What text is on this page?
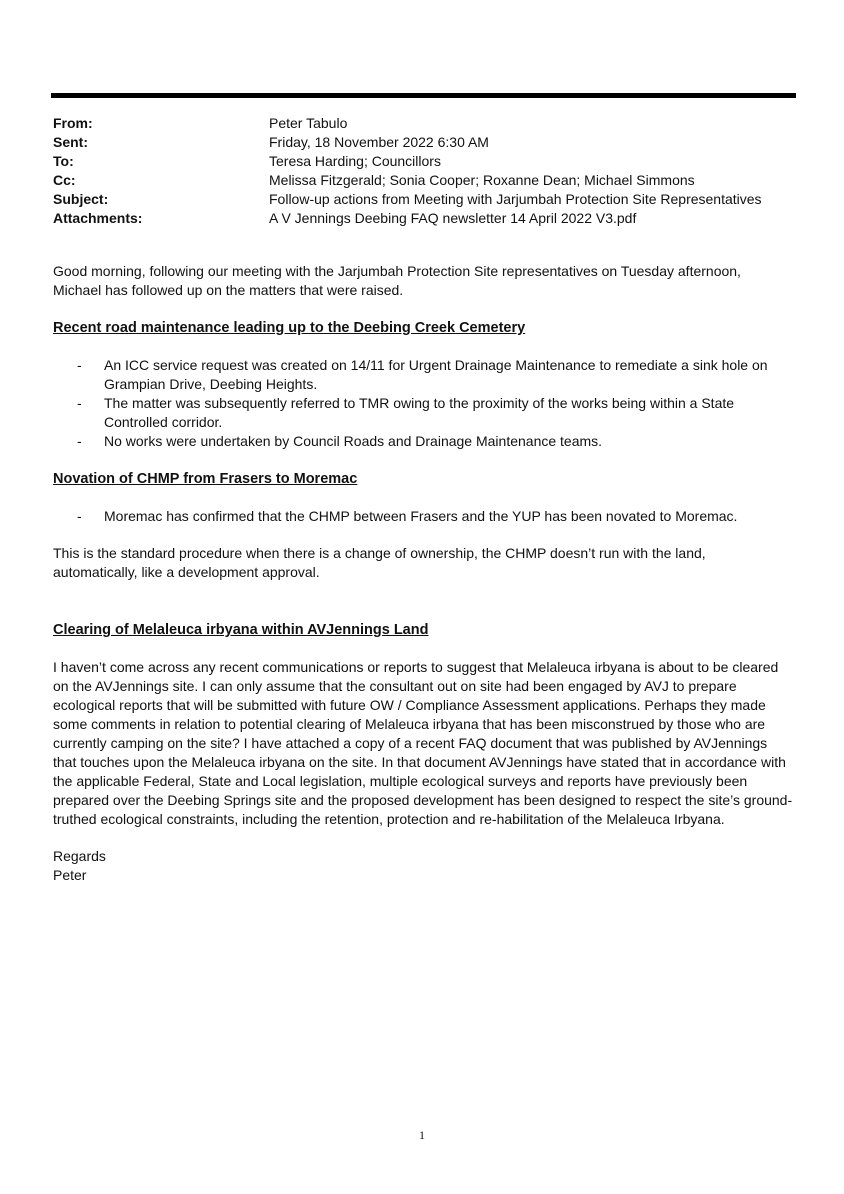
From:	Peter Tabulo
Sent:	Friday, 18 November 2022 6:30 AM
To:	Teresa Harding; Councillors
Cc:	Melissa Fitzgerald; Sonia Cooper; Roxanne Dean; Michael Simmons
Subject:	Follow-up actions from Meeting with Jarjumbah Protection Site Representatives
Attachments:	A V Jennings Deebing FAQ newsletter 14 April 2022 V3.pdf

Good morning, following our meeting with the Jarjumbah Protection Site representatives on Tuesday afternoon, Michael has followed up on the matters that were raised.

Recent road maintenance leading up to the Deebing Creek Cemetery
- An ICC service request was created on 14/11 for Urgent Drainage Maintenance to remediate a sink hole on Grampian Drive, Deebing Heights.
- The matter was subsequently referred to TMR owing to the proximity of the works being within a State Controlled corridor.
- No works were undertaken by Council Roads and Drainage Maintenance teams.
Novation of CHMP from Frasers to Moremac
- Moremac has confirmed that the CHMP between Frasers and the YUP has been novated to Moremac.

This is the standard procedure when there is a change of ownership, the CHMP doesn’t run with the land, automatically, like a development approval.

Clearing of Melaleuca irbyana within AVJennings Land

I haven’t come across any recent communications or reports to suggest that Melaleuca irbyana is about to be cleared on the AVJennings site. I can only assume that the consultant out on site had been engaged by AVJ to prepare ecological reports that will be submitted with future OW / Compliance Assessment applications. Perhaps they made some comments in relation to potential clearing of Melaleuca irbyana that has been misconstrued by those who are currently camping on the site? I have attached a copy of a recent FAQ document that was published by AVJennings that touches upon the Melaleuca irbyana on the site. In that document AVJennings have stated that in accordance with the applicable Federal, State and Local legislation, multiple ecological surveys and reports have previously been prepared over the Deebing Springs site and the proposed development has been designed to respect the site’s ground-truthed ecological constraints, including the retention, protection and re-habilitation of the Melaleuca Irbyana.

Regards

Peter

1
